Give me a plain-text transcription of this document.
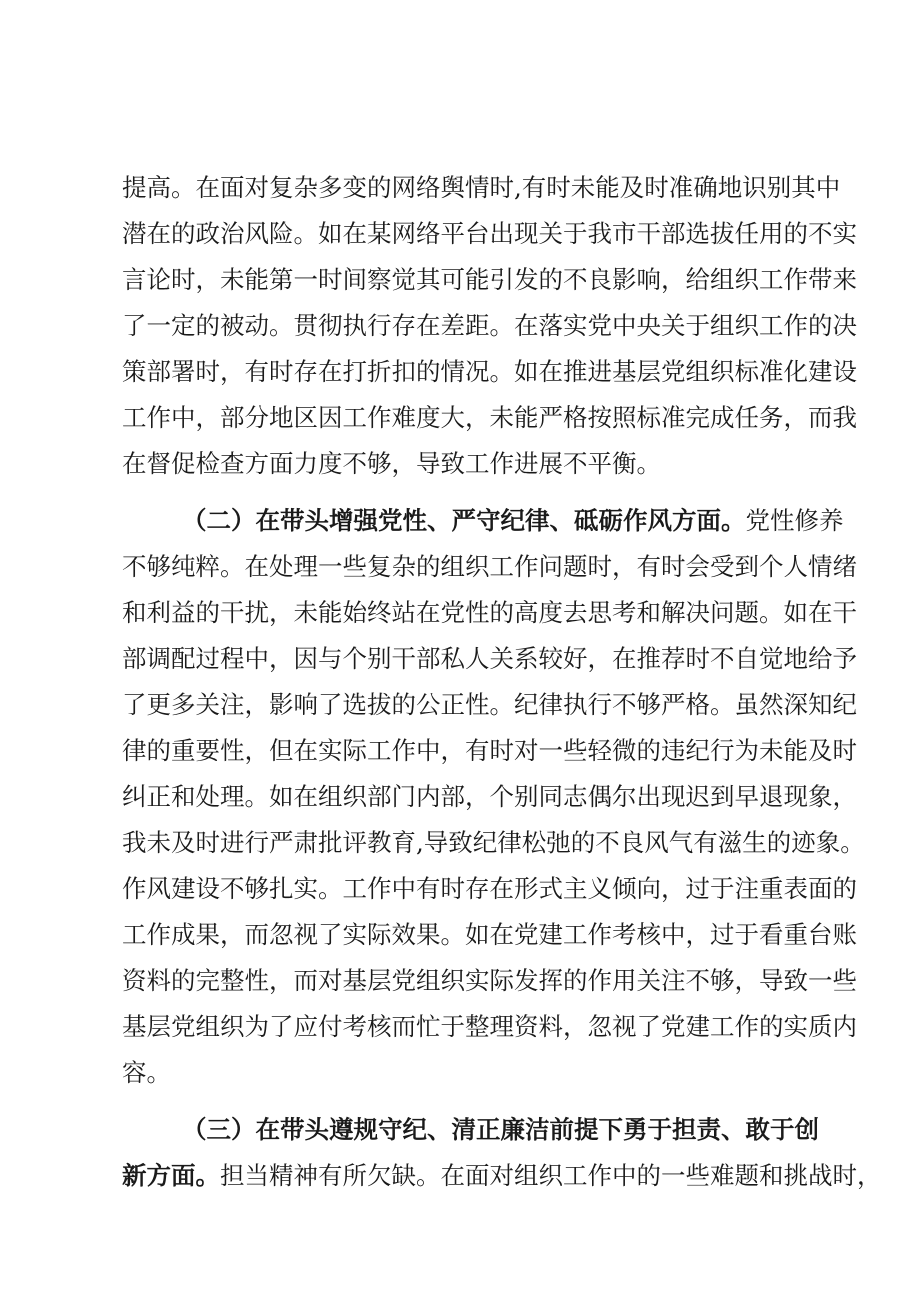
提高。在面对复杂多变的网络舆情时,有时未能及时准确地识别其中
潜在的政治风险。如在某网络平台出现关于我市干部选拔任用的不实
言论时，未能第一时间察觉其可能引发的不良影响，给组织工作带来
了一定的被动。贯彻执行存在差距。在落实党中央关于组织工作的决
策部署时，有时存在打折扣的情况。如在推进基层党组织标准化建设
工作中，部分地区因工作难度大，未能严格按照标准完成任务，而我
在督促检查方面力度不够，导致工作进展不平衡。
（二）在带头增强党性、严守纪律、砥砺作风方面。党性修养
不够纯粹。在处理一些复杂的组织工作问题时，有时会受到个人情绪
和利益的干扰，未能始终站在党性的高度去思考和解决问题。如在干
部调配过程中，因与个别干部私人关系较好，在推荐时不自觉地给予
了更多关注，影响了选拔的公正性。纪律执行不够严格。虽然深知纪
律的重要性，但在实际工作中，有时对一些轻微的违纪行为未能及时
纠正和处理。如在组织部门内部，个别同志偶尔出现迟到早退现象，
我未及时进行严肃批评教育,导致纪律松弛的不良风气有滋生的迹象。
作风建设不够扎实。工作中有时存在形式主义倾向，过于注重表面的
工作成果，而忽视了实际效果。如在党建工作考核中，过于看重台账
资料的完整性，而对基层党组织实际发挥的作用关注不够，导致一些
基层党组织为了应付考核而忙于整理资料，忽视了党建工作的实质内
容。
（三）在带头遵规守纪、清正廉洁前提下勇于担责、敢于创
新方面。担当精神有所欠缺。在面对组织工作中的一些难题和挑战时，
